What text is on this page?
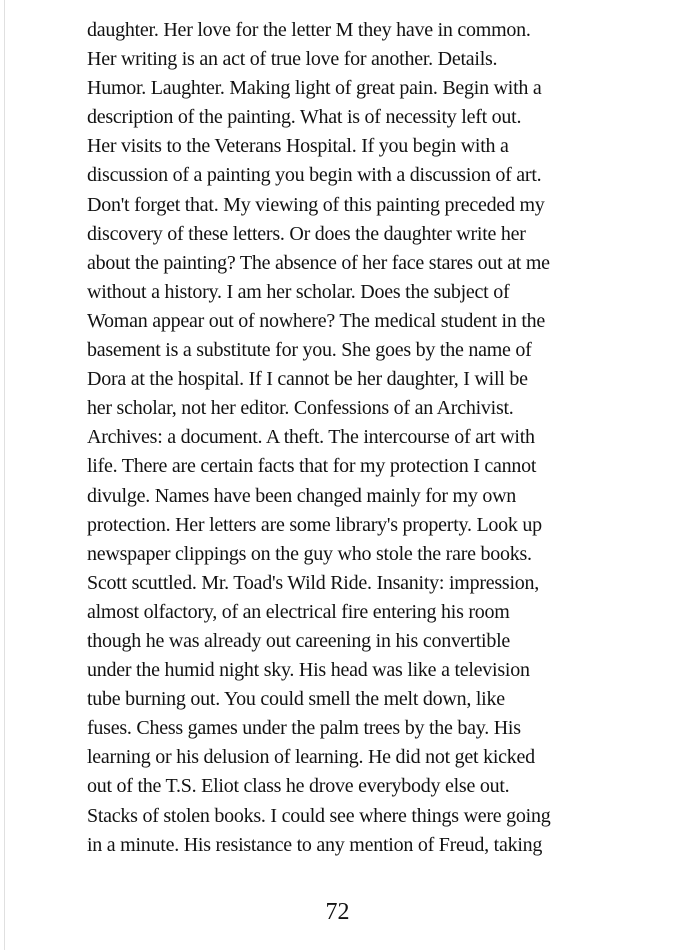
daughter. Her love for the letter M they have in common.
Her writing is an act of true love for another. Details.
Humor. Laughter. Making light of great pain. Begin with a
description of the painting. What is of necessity left out.
Her visits to the Veterans Hospital. If you begin with a
discussion of a painting you begin with a discussion of art.
Don't forget that. My viewing of this painting preceded my
discovery of these letters. Or does the daughter write her
about the painting? The absence of her face stares out at me
without a history. I am her scholar. Does the subject of
Woman appear out of nowhere? The medical student in the
basement is a substitute for you. She goes by the name of
Dora at the hospital. If I cannot be her daughter, I will be
her scholar, not her editor. Confessions of an Archivist.
Archives: a document. A theft. The intercourse of art with
life. There are certain facts that for my protection I cannot
divulge. Names have been changed mainly for my own
protection. Her letters are some library's property. Look up
newspaper clippings on the guy who stole the rare books.
Scott scuttled. Mr. Toad's Wild Ride. Insanity: impression,
almost olfactory, of an electrical fire entering his room
though he was already out careening in his convertible
under the humid night sky. His head was like a television
tube burning out. You could smell the melt down, like
fuses. Chess games under the palm trees by the bay. His
learning or his delusion of learning. He did not get kicked
out of the T.S. Eliot class he drove everybody else out.
Stacks of stolen books. I could see where things were going
in a minute. His resistance to any mention of Freud, taking
72
